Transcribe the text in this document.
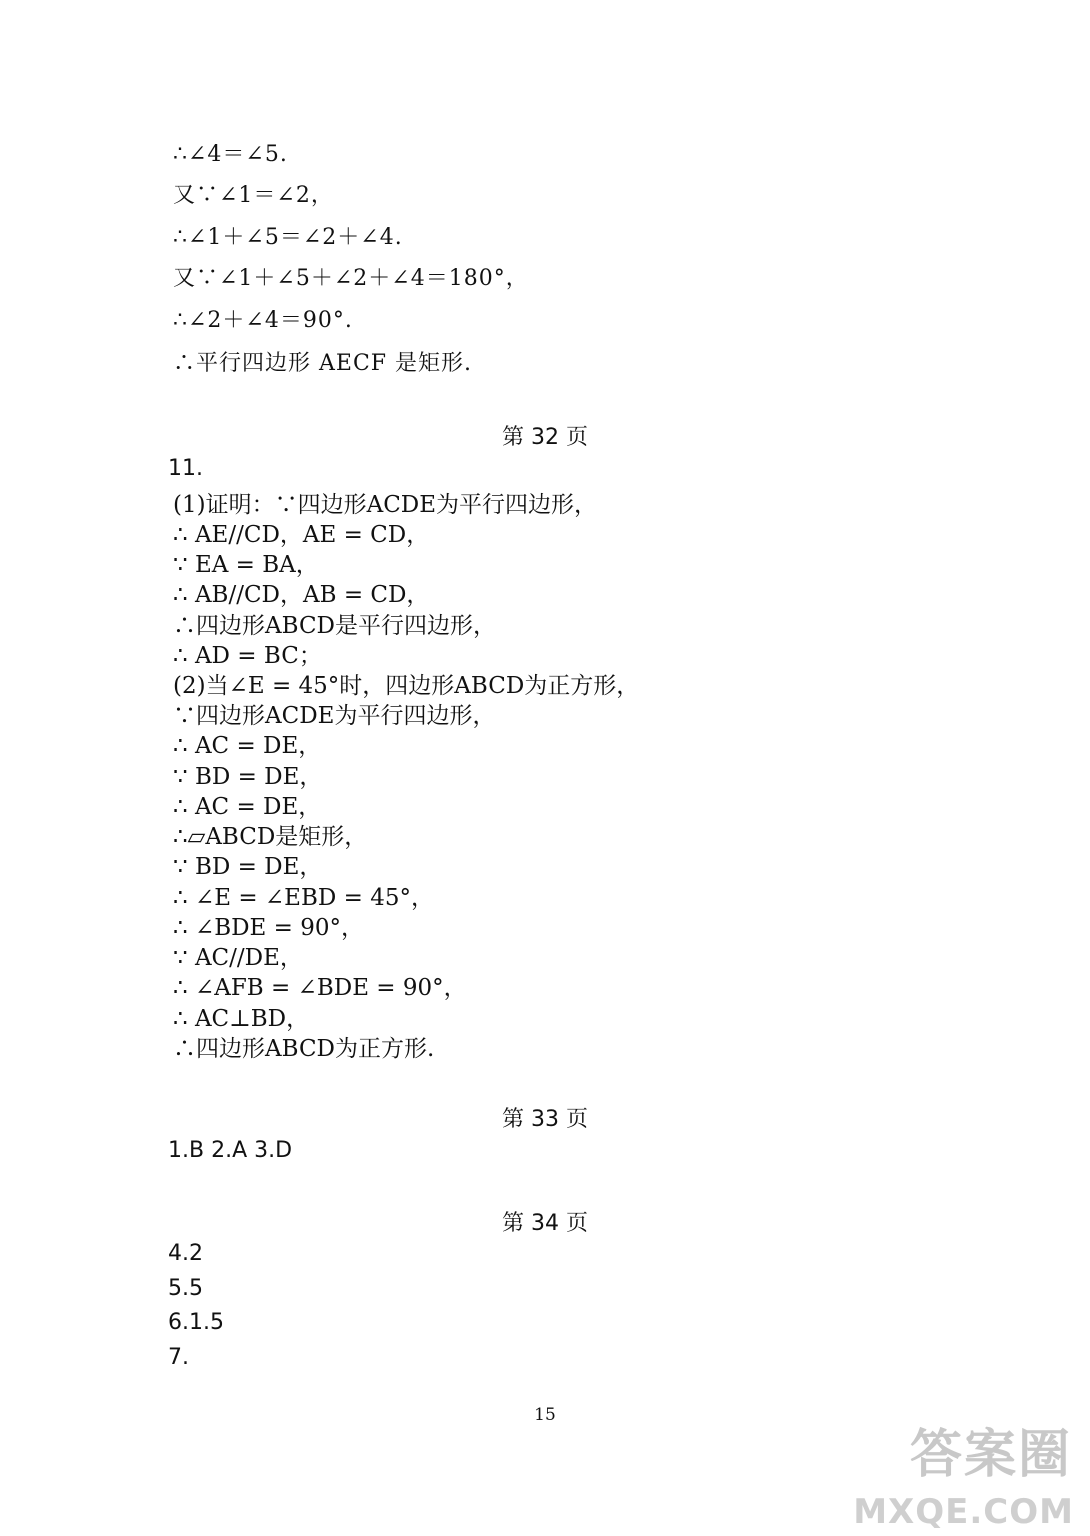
∴∠4＝∠5.
又∵∠1＝∠2，
∴∠1＋∠5＝∠2＋∠4.
又∵∠1＋∠5＋∠2＋∠4＝180°，
∴∠2＋∠4＝90°.
∴平行四边形 AECF 是矩形.
第 32 页
11.
(1)证明：∵四边形ACDE为平行四边形，
∴ AE//CD，AE = CD，
∵ EA = BA，
∴ AB//CD，AB = CD，
∴四边形ABCD是平行四边形，
∴ AD = BC；
(2)当∠E = 45°时，四边形ABCD为正方形，
∵四边形ACDE为平行四边形，
∴ AC = DE，
∵ BD = DE，
∴ AC = DE，
∴▱ABCD是矩形，
∵ BD = DE，
∴ ∠E = ∠EBD = 45°，
∴ ∠BDE = 90°，
∵ AC//DE，
∴ ∠AFB = ∠BDE = 90°，
∴ AC⊥BD，
∴四边形ABCD为正方形.
第 33 页
1.B 2.A 3.D
第 34 页
4.2
5.5
6.1.5
7.
15
答案圈
MXQE.COM
